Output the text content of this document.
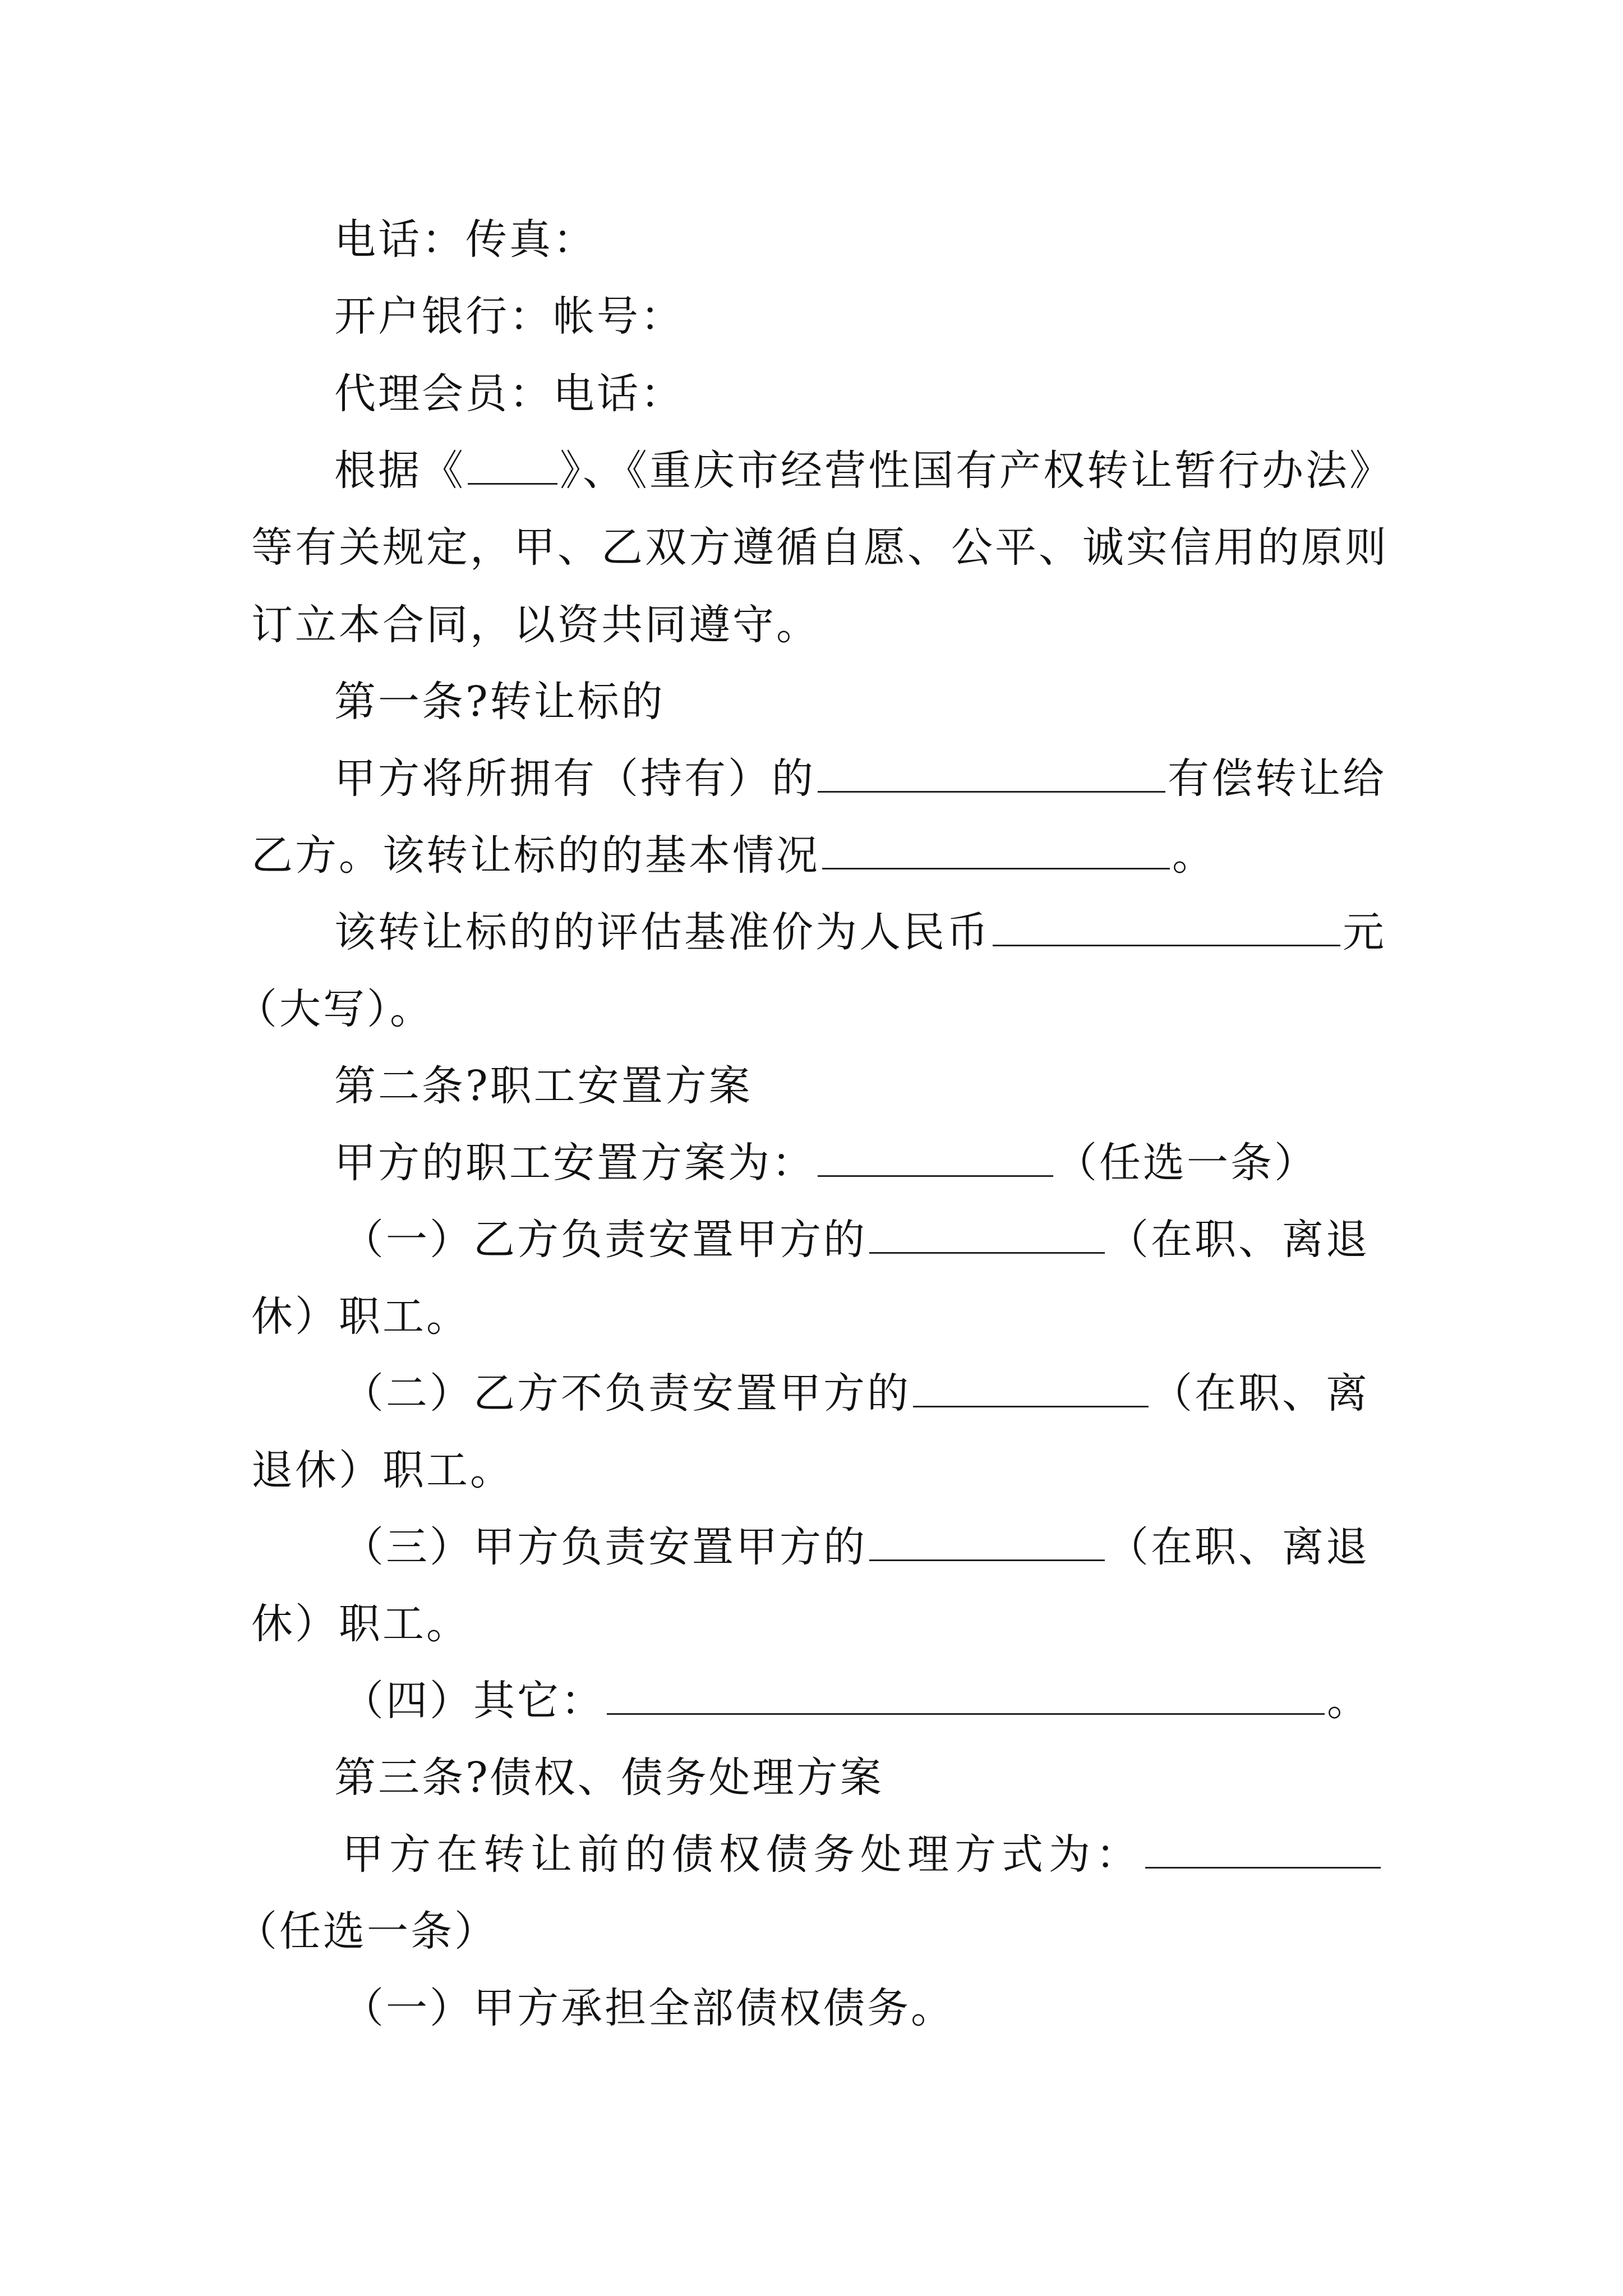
电话：传真：
开户银行：帐号：
代理会员：电话：
根据《 》、《重庆市经营性国有产权转让暂行办法》
等有关规定，甲、乙双方遵循自愿、公平、诚实信用的原则
订立本合同，以资共同遵守。
第一条?转让标的
甲方将所拥有（持有）的	有偿转让给
乙方。该转让标的的基本情况	。
该转让标的的评估基准价为人民币	元
（大写）。
第二条?职工安置方案
甲方的职工安置方案为：	（任选一条）
（一）乙方负责安置甲方的	（在职、离退
休）职工。
（二）乙方不负责安置甲方的	（在职、离
退休）职工。
（三）甲方负责安置甲方的	（在职、离退
休）职工。
（四）其它：	。
第三条?债权、债务处理方案
甲方在转让前的债权债务处理方式为：
（任选一条）
（一）甲方承担全部债权债务。
